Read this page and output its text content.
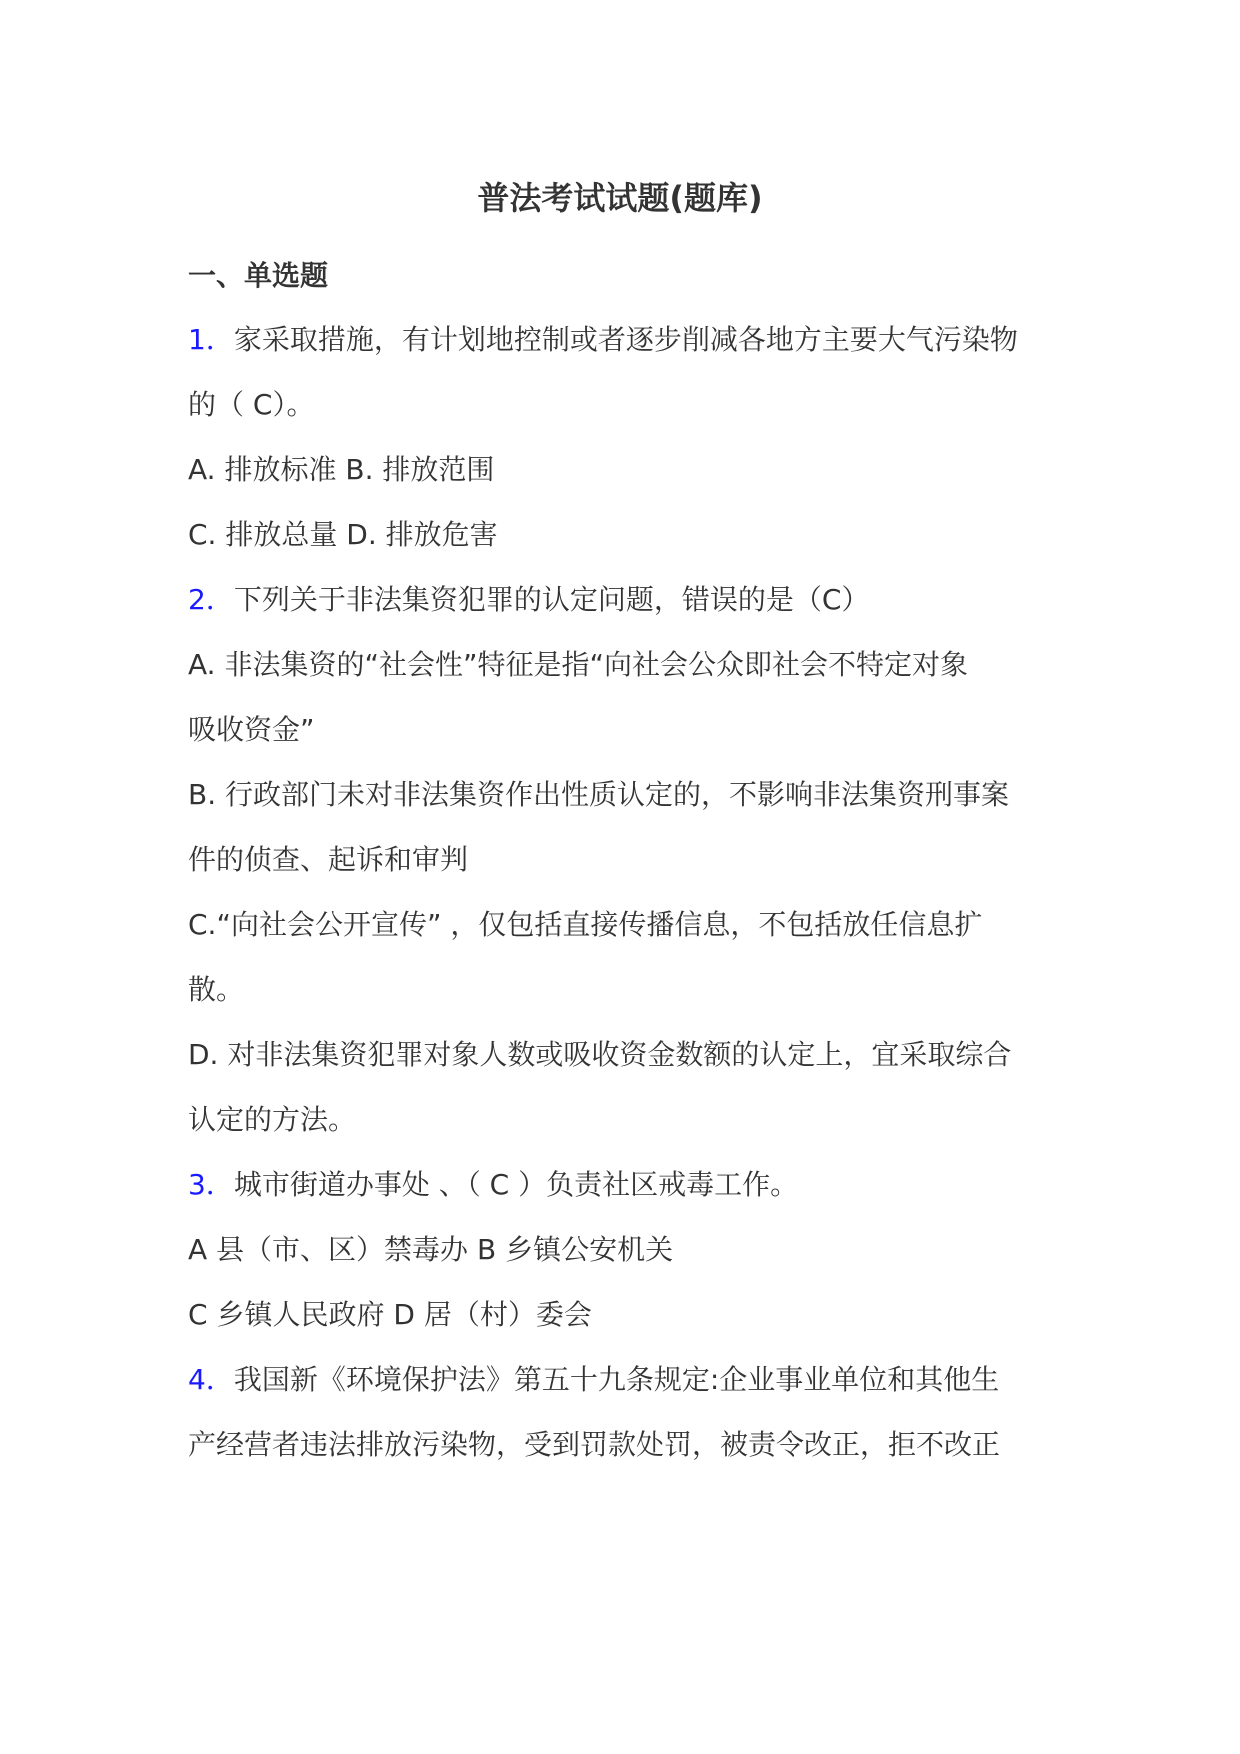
普法考试试题(题库)
一、单选题
1．家采取措施，有计划地控制或者逐步削减各地方主要大气污染物
的（ C）。
A. 排放标准 B. 排放范围
C. 排放总量 D. 排放危害
2．下列关于非法集资犯罪的认定问题，错误的是（C）
A. 非法集资的“社会性”特征是指“向社会公众即社会不特定对象
吸收资金”
B. 行政部门未对非法集资作出性质认定的，不影响非法集资刑事案
件的侦查、起诉和审判
C.“向社会公开宣传” ，仅包括直接传播信息，不包括放任信息扩
散。
D. 对非法集资犯罪对象人数或吸收资金数额的认定上，宜采取综合
认定的方法。
3．城市街道办事处 、（ C ）负责社区戒毒工作。
A 县（市、区）禁毒办 B 乡镇公安机关
C 乡镇人民政府 D 居（村）委会
4．我国新《环境保护法》第五十九条规定:企业事业单位和其他生
产经营者违法排放污染物，受到罚款处罚，被责令改正，拒不改正
